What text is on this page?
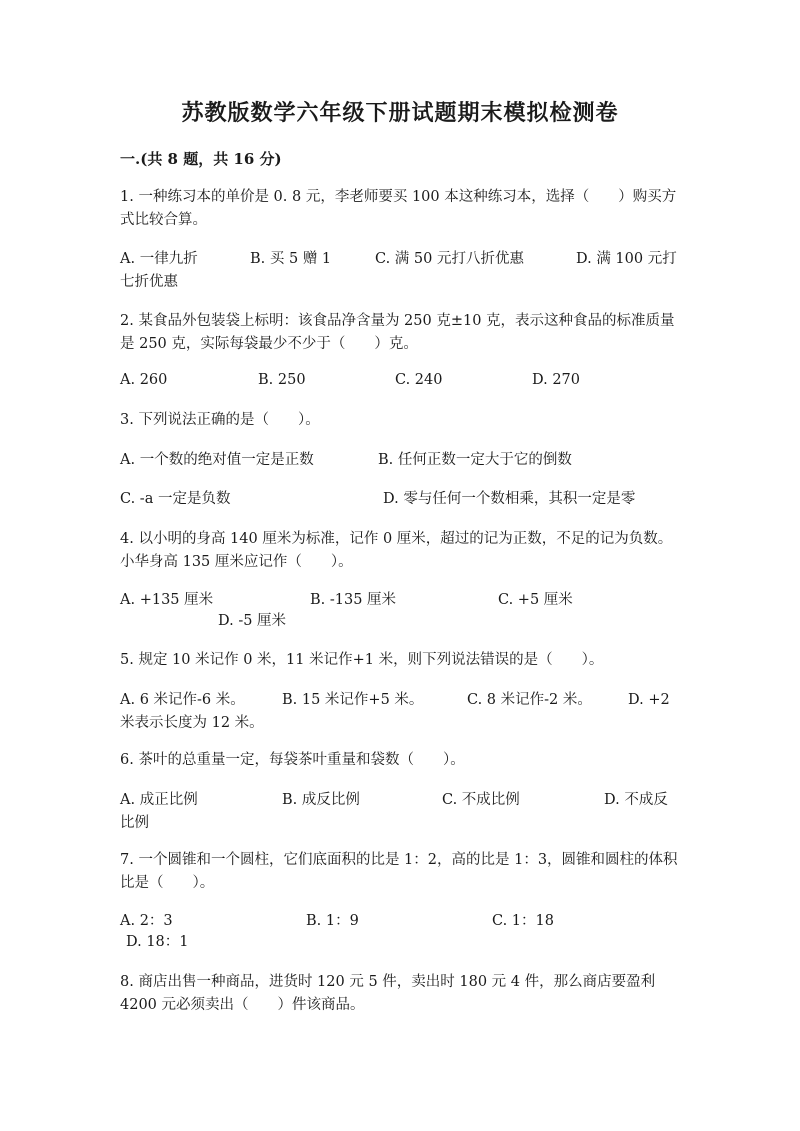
苏教版数学六年级下册试题期末模拟检测卷
一.(共 8 题，共 16 分)
1. 一种练习本的单价是 0. 8 元，李老师要买 100 本这种练习本，选择（　　）购买方式比较合算。
A. 一律九折	B. 买 5 赠 1	C. 满 50 元打八折优惠	D. 满 100 元打七折优惠
2. 某食品外包装袋上标明：该食品净含量为 250 克±10 克，表示这种食品的标准质量是 250 克，实际每袋最少不少于（　　）克。
A. 260	B. 250	C. 240	D. 270
3. 下列说法正确的是（　　）。
A. 一个数的绝对值一定是正数	B. 任何正数一定大于它的倒数
C. -a 一定是负数	D. 零与任何一个数相乘，其积一定是零
4. 以小明的身高 140 厘米为标准，记作 0 厘米，超过的记为正数，不足的记为负数。小华身高 135 厘米应记作（　　）。
A. +135 厘米	B. -135 厘米	C. +5 厘米
D. -5 厘米
5. 规定 10 米记作 0 米，11 米记作+1 米，则下列说法错误的是（　　）。
A. 6 米记作-6 米。	B. 15 米记作+5 米。	C. 8 米记作-2 米。	D. +2 米表示长度为 12 米。
6. 茶叶的总重量一定，每袋茶叶重量和袋数（　　）。
A. 成正比例	B. 成反比例	C. 不成比例	D. 不成反比例
7. 一个圆锥和一个圆柱，它们底面积的比是 1：2，高的比是 1：3，圆锥和圆柱的体积比是（　　）。
A. 2：3	B. 1：9	C. 1：18
D. 18：1
8. 商店出售一种商品，进货时 120 元 5 件，卖出时 180 元 4 件，那么商店要盈利 4200 元必须卖出（　　）件该商品。
